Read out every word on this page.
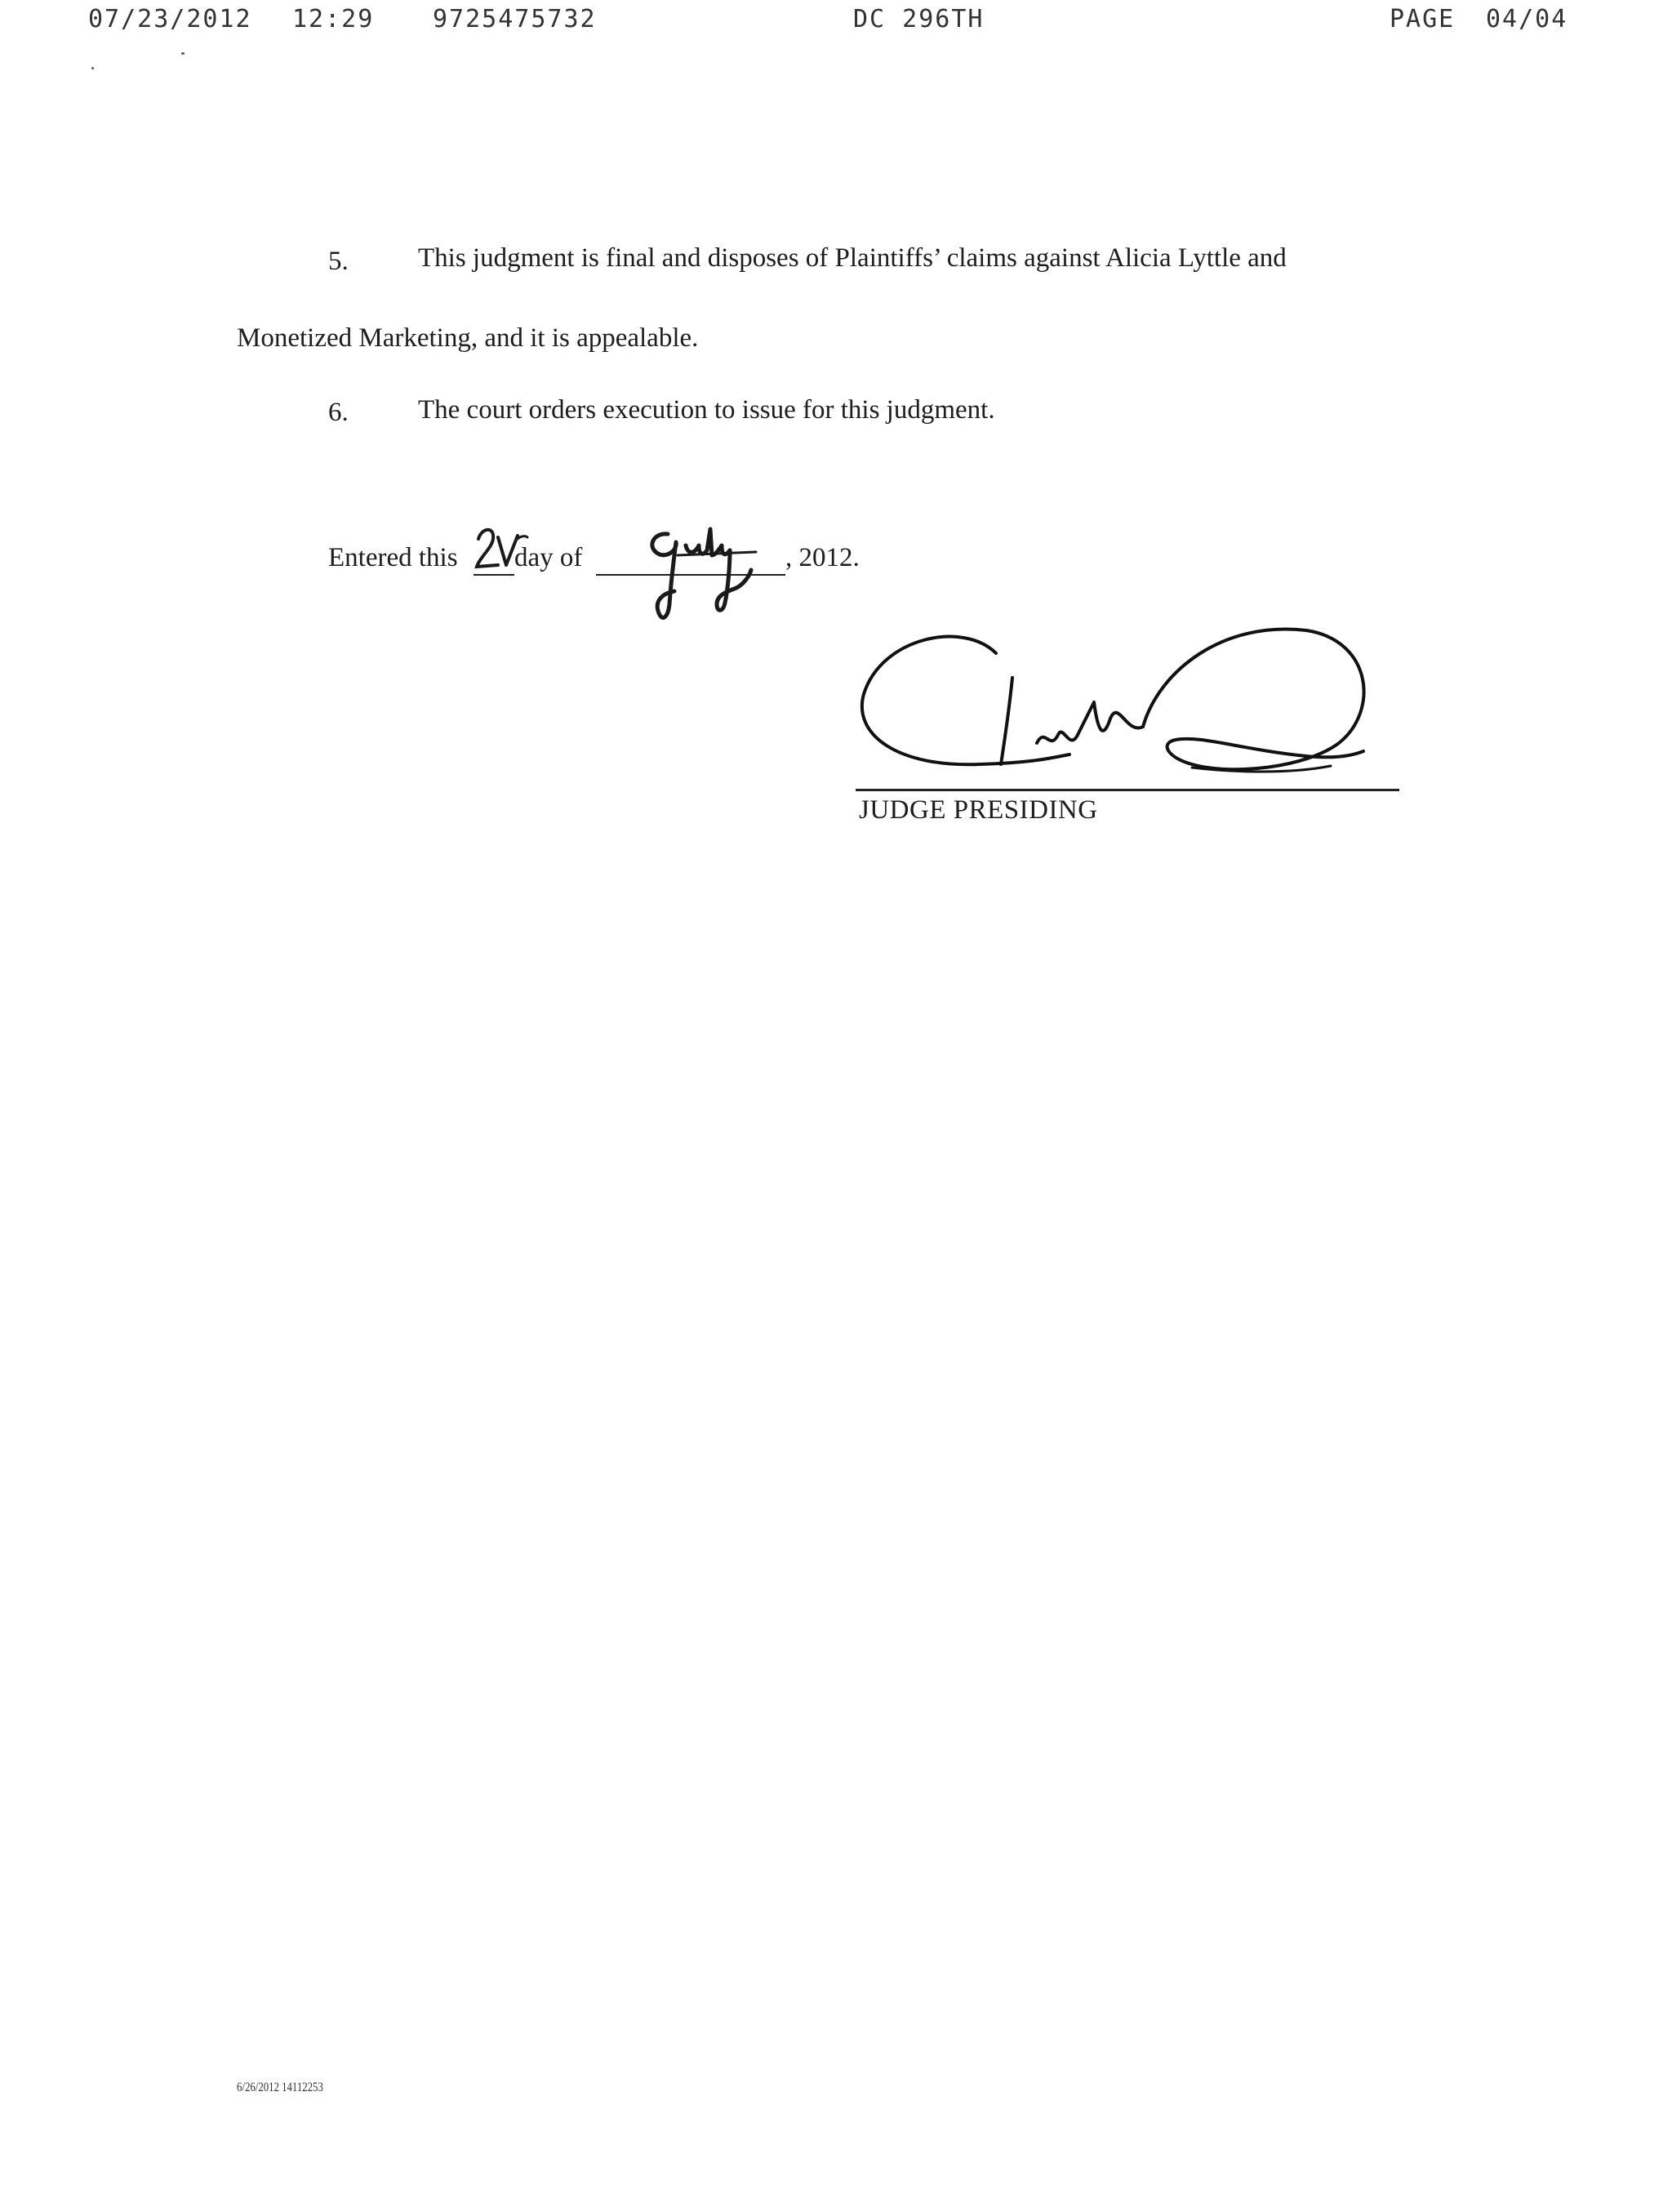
07/23/2012 12:29 9725475732	DC 296TH	PAGE 04/04
5.	This judgment is final and disposes of Plaintiffs’ claims against Alicia Lyttle and
Monetized Marketing, and it is appealable.
6.	The court orders execution to issue for this judgment.
Entered this day of	, 2012.
JUDGE PRESIDING
6/26/2012 14112253
